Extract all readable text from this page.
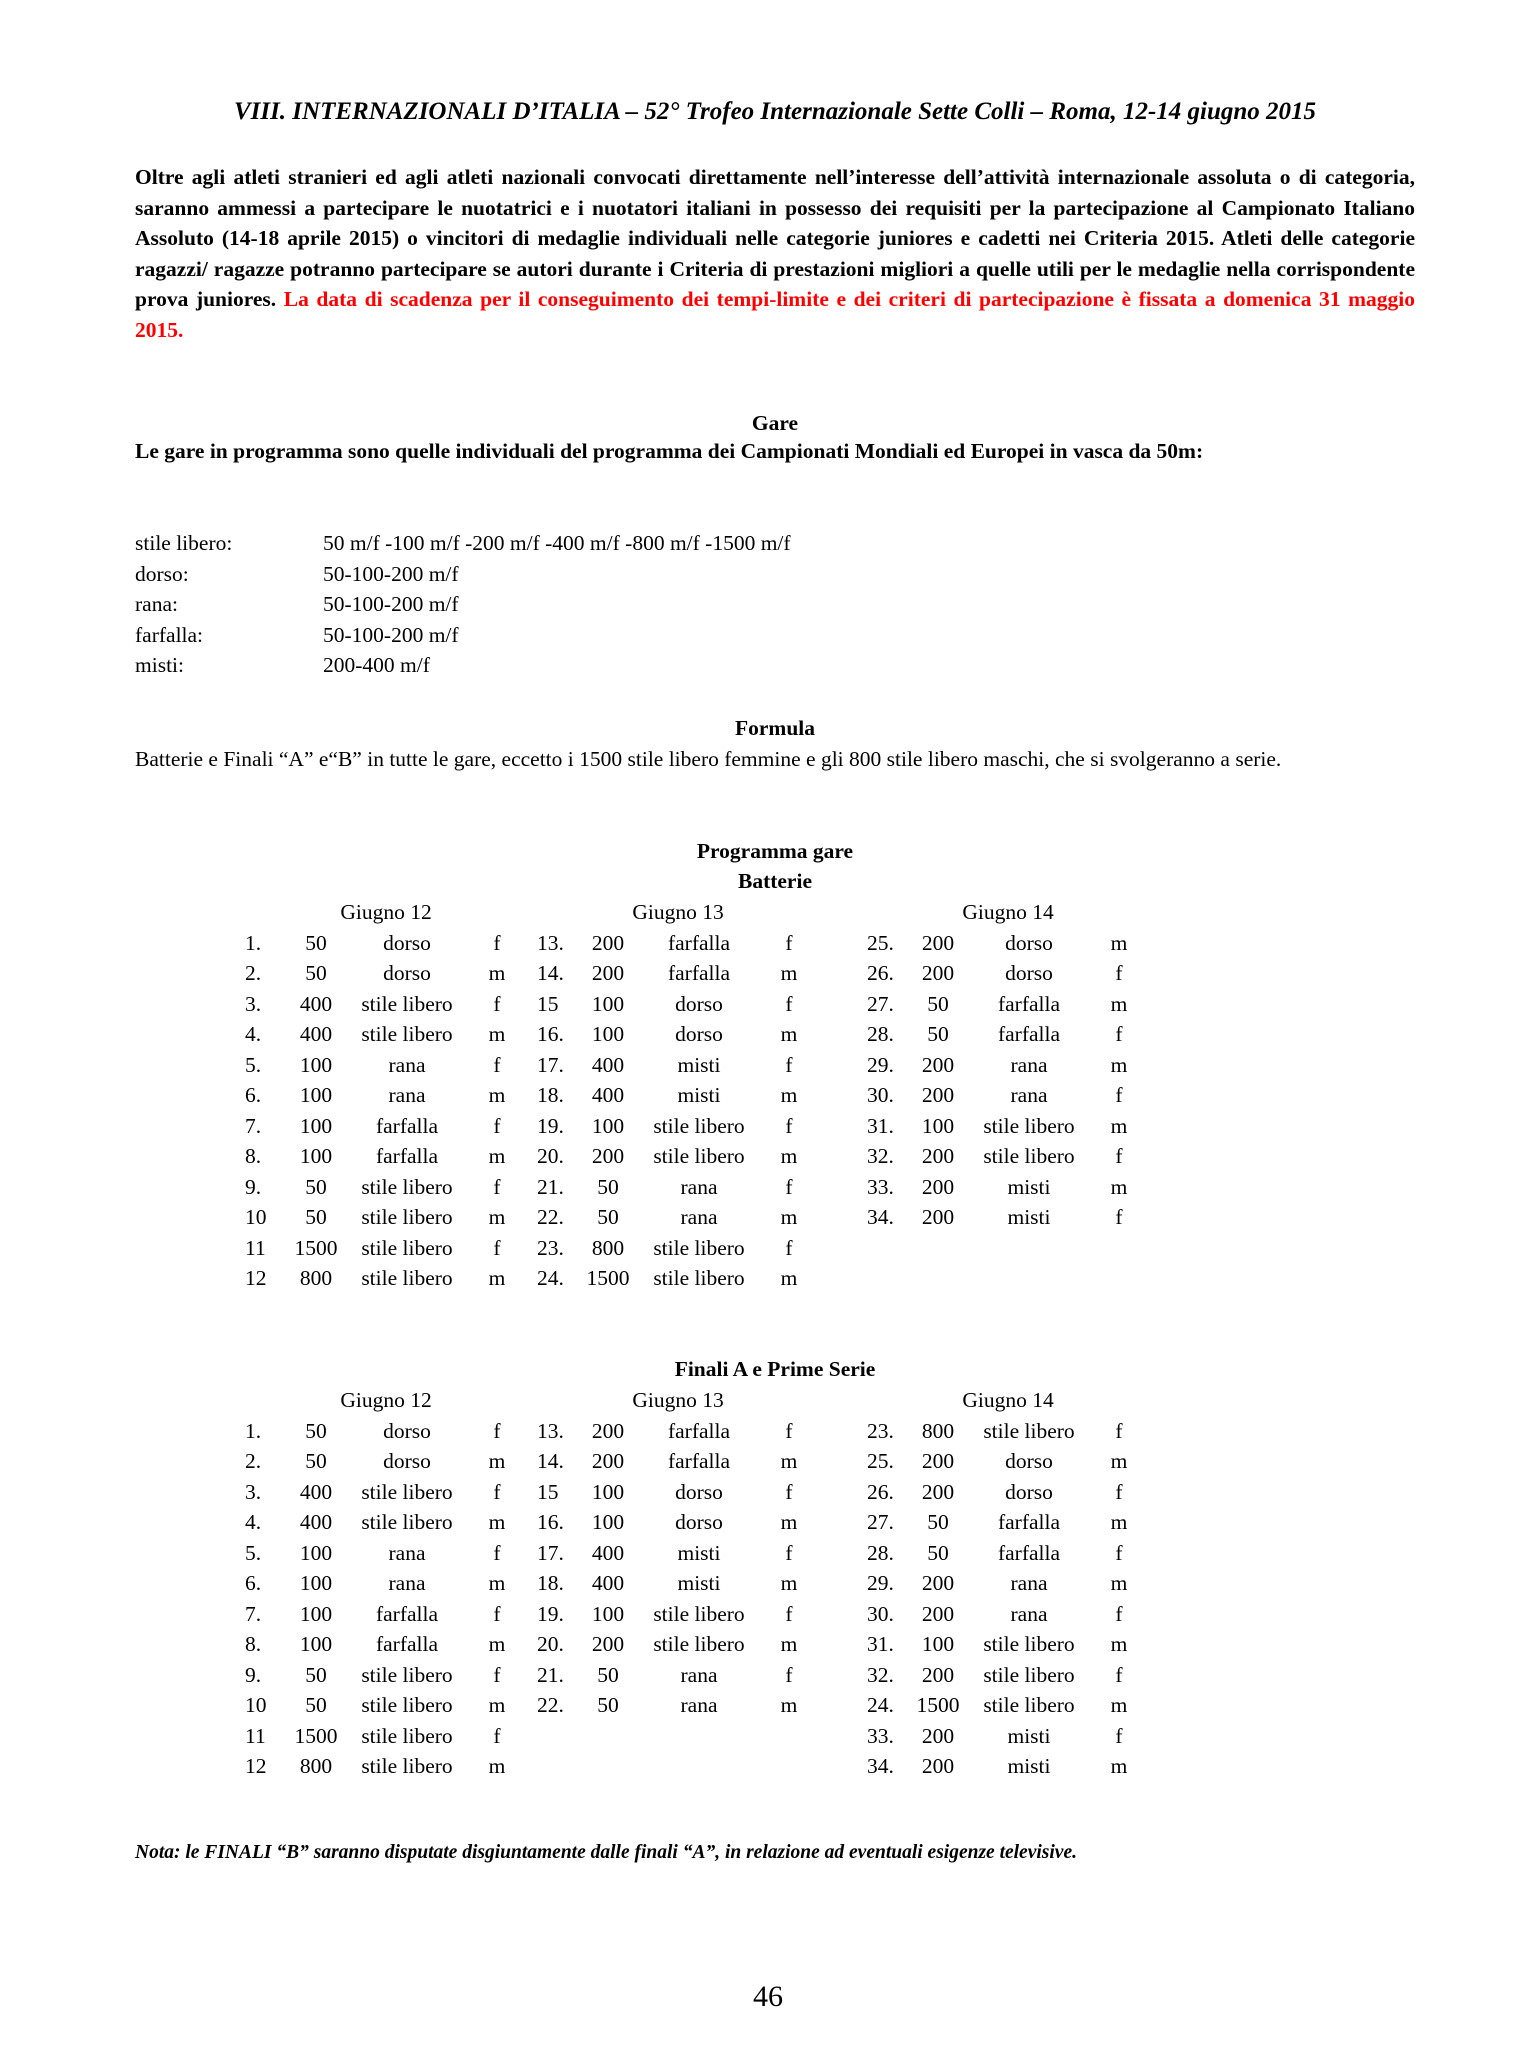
VIII. INTERNAZIONALI D’ITALIA – 52° Trofeo Internazionale Sette Colli – Roma, 12-14 giugno 2015
Oltre agli atleti stranieri ed agli atleti nazionali convocati direttamente nell’interesse dell’attività internazionale assoluta o di categoria, saranno ammessi a partecipare le nuotatrici e i nuotatori italiani in possesso dei requisiti per la partecipazione al Campionato Italiano Assoluto (14-18 aprile 2015) o vincitori di medaglie individuali nelle categorie juniores e cadetti nei Criteria 2015. Atleti delle categorie ragazzi/ ragazze potranno partecipare se autori durante i Criteria di prestazioni migliori a quelle utili per le medaglie nella corrispondente prova juniores. La data di scadenza per il conseguimento dei tempi-limite e dei criteri di partecipazione è fissata a domenica 31 maggio 2015.
Gare
Le gare in programma sono quelle individuali del programma dei Campionati Mondiali ed Europei in vasca da 50m:
stile libero:	50 m/f -100 m/f -200 m/f -400 m/f -800 m/f -1500 m/f
dorso:	50-100-200 m/f
rana:	50-100-200 m/f
farfalla:	50-100-200 m/f
misti:	200-400 m/f
Formula
Batterie e Finali “A” e“B” in tutte le gare, eccetto i 1500 stile libero femmine e gli 800 stile libero maschi, che si svolgeranno a serie.
Programma gare
Batterie
Giugno 12					Giugno 13					Giugno 14			
1.	50	dorso	f		13.	200	farfalla	f		25.	200	dorso	m
2.	50	dorso	m		14.	200	farfalla	m		26.	200	dorso	f
3.	400	stile libero	f		15	100	dorso	f		27.	50	farfalla	m
4.	400	stile libero	m		16.	100	dorso	m		28.	50	farfalla	f
5.	100	rana	f		17.	400	misti	f		29.	200	rana	m
6.	100	rana	m		18.	400	misti	m		30.	200	rana	f
7.	100	farfalla	f		19.	100	stile libero	f		31.	100	stile libero	m
8.	100	farfalla	m		20.	200	stile libero	m		32.	200	stile libero	f
9.	50	stile libero	f		21.	50	rana	f		33.	200	misti	m
10	50	stile libero	m		22.	50	rana	m		34.	200	misti	f
11	1500	stile libero	f		23.	800	stile libero	f					
12	800	stile libero	m		24.	1500	stile libero	m					
Finali A e Prime Serie
Giugno 12					Giugno 13					Giugno 14			
1.	50	dorso	f		13.	200	farfalla	f		23.	800	stile libero	f
2.	50	dorso	m		14.	200	farfalla	m		25.	200	dorso	m
3.	400	stile libero	f		15	100	dorso	f		26.	200	dorso	f
4.	400	stile libero	m		16.	100	dorso	m		27.	50	farfalla	m
5.	100	rana	f		17.	400	misti	f		28.	50	farfalla	f
6.	100	rana	m		18.	400	misti	m		29.	200	rana	m
7.	100	farfalla	f		19.	100	stile libero	f		30.	200	rana	f
8.	100	farfalla	m		20.	200	stile libero	m		31.	100	stile libero	m
9.	50	stile libero	f		21.	50	rana	f		32.	200	stile libero	f
10	50	stile libero	m		22.	50	rana	m		24.	1500	stile libero	m
11	1500	stile libero	f							33.	200	misti	f
12	800	stile libero	m							34.	200	misti	m
Nota: le FINALI “B” saranno disputate disgiuntamente dalle finali “A”, in relazione ad eventuali esigenze televisive.
46
